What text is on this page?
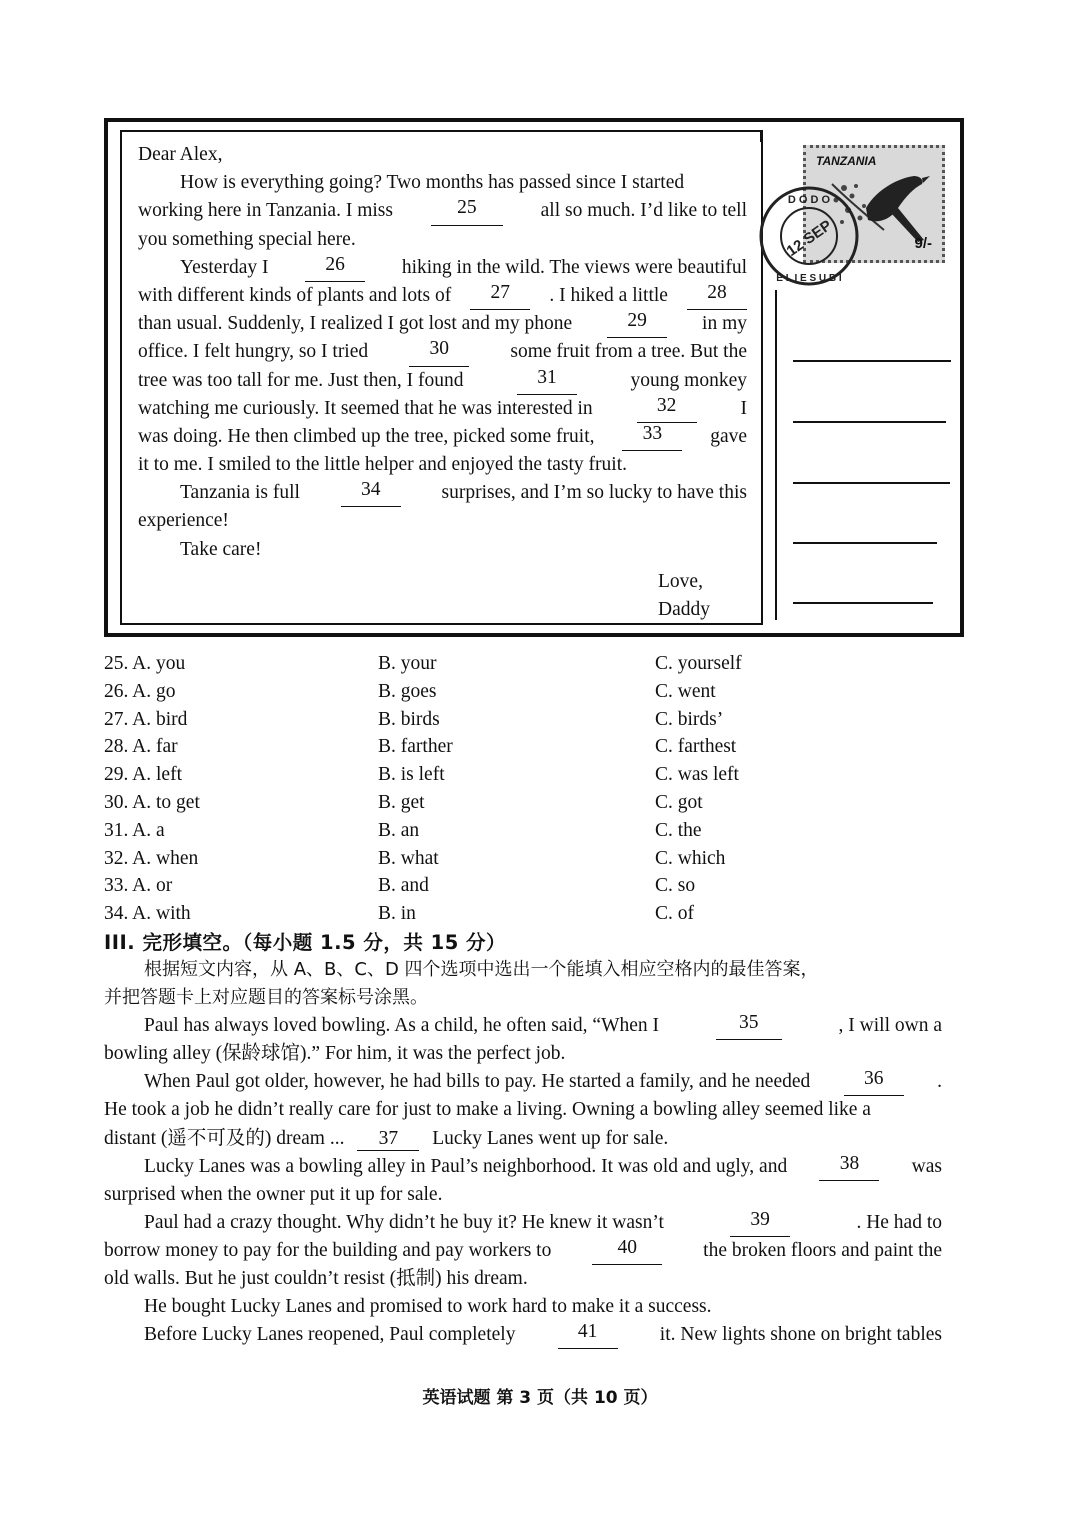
TANZANIA
9/-
D O D O
E L I E S U B I
12 SEP
Dear Alex,
How is everything going? Two months has passed since I started
working here in Tanzania. I miss	25	all so much. I’d like to tell
you something special here.
Yesterday I	26	hiking in the wild. The views were beautiful
with different kinds of plants and lots of	27	. I hiked a little	28
than usual. Suddenly, I realized I got lost and my phone	29	in my
office. I felt hungry, so I tried	30	some fruit from a tree. But the
tree was too tall for me. Just then, I found	31	young monkey
watching me curiously. It seemed that he was interested in	32	I
was doing. He then climbed up the tree, picked some fruit,	33	gave
it to me. I smiled to the little helper and enjoyed the tasty fruit.
Tanzania is full	34	surprises, and I’m so lucky to have this
experience!
Take care!
Love,
Daddy
25. A. you	B. your	C. yourself
26. A. go	B. goes	C. went
27. A. bird	B. birds	C. birds’
28. A. far	B. farther	C. farthest
29. A. left	B. is left	C. was left
30. A. to get	B. get	C. got
31. A. a	B. an	C. the
32. A. when	B. what	C. which
33. A. or	B. and	C. so
34. A. with	B. in	C. of
III. 完形填空。（每小题 1.5 分，共 15 分）
根据短文内容，从 A、B、C、D 四个选项中选出一个能填入相应空格内的最佳答案，
并把答题卡上对应题目的答案标号涂黑。
Paul has always loved bowling. As a child, he often said, “When I	35	, I will own a
bowling alley (保龄球馆).” For him, it was the perfect job.
When Paul got older, however, he had bills to pay. He started a family, and he needed	36	.
He took a job he didn’t really care for just to make a living. Owning a bowling alley seemed like a
distant (遥不可及的) dream ... 37 Lucky Lanes went up for sale.
Lucky Lanes was a bowling alley in Paul’s neighborhood. It was old and ugly, and	38	was
surprised when the owner put it up for sale.
Paul had a crazy thought. Why didn’t he buy it? He knew it wasn’t	39	. He had to
borrow money to pay for the building and pay workers to	40	the broken floors and paint the
old walls. But he just couldn’t resist (抵制) his dream.
He bought Lucky Lanes and promised to work hard to make it a success.
Before Lucky Lanes reopened, Paul completely	41	it. New lights shone on bright tables
英语试题 第 3 页（共 10 页）
